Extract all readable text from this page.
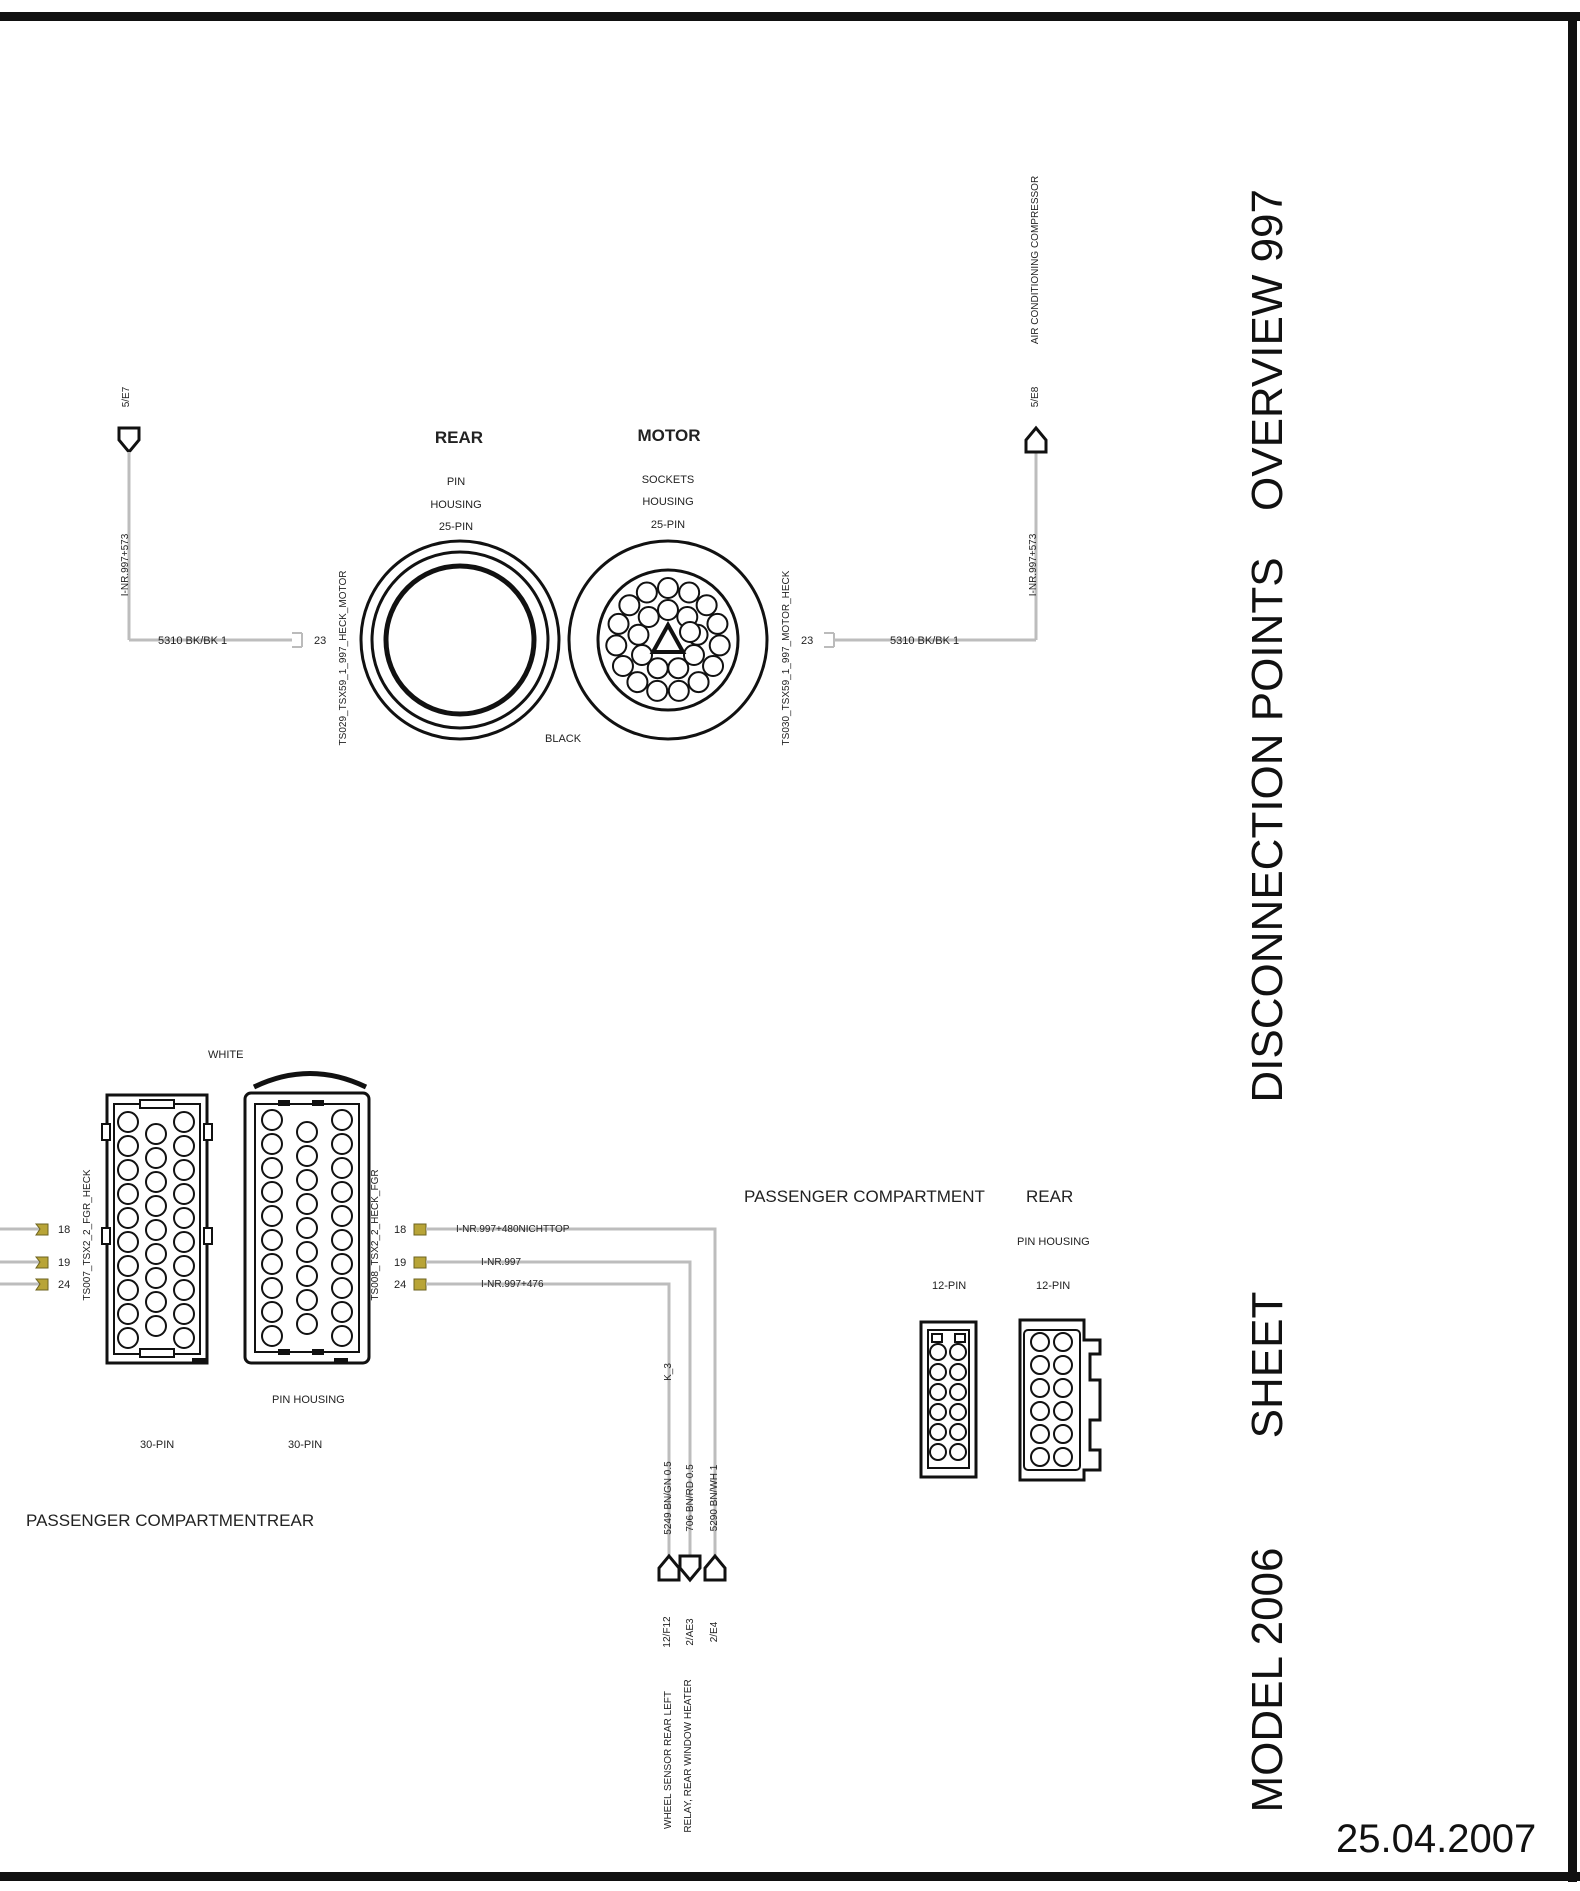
OVERVIEW 997
DISCONNECTION POINTS
SHEET
MODEL 2006
25.04.2007
5/E7
I-NR.997+573
5310 BK/BK 1	23 TS029_TSX59_1_997_HECK_MOTOR
REAR
PIN
HOUSING
25-PIN
BLACK
MOTOR
SOCKETS
HOUSING
25-PIN
TS030_TSX59_1_997_MOTOR_HECK 23	5310 BK/BK 1
I-NR.997+573
5/E8
AIR CONDITIONING COMPRESSOR
WHITE
18
19
24 TS007_TSX2_2_FGR_HECK	TS008_TSX2_2_HECK_FGR 18
19
24
I-NR.997+480NICHTTOP
I-NR.997
I-NR.997+476
K_3
5249 BN/GN 0.5 706 BN/RD 0.5 5290 BN/WH 1
12/F12 2/AE3 2/E4
WHEEL SENSOR REAR LEFT RELAY, REAR WINDOW HEATER
PIN HOUSING
30-PIN	30-PIN
PASSENGER COMPARTMENTREAR
PASSENGER COMPARTMENT REAR
PIN HOUSING
12-PIN	12-PIN
